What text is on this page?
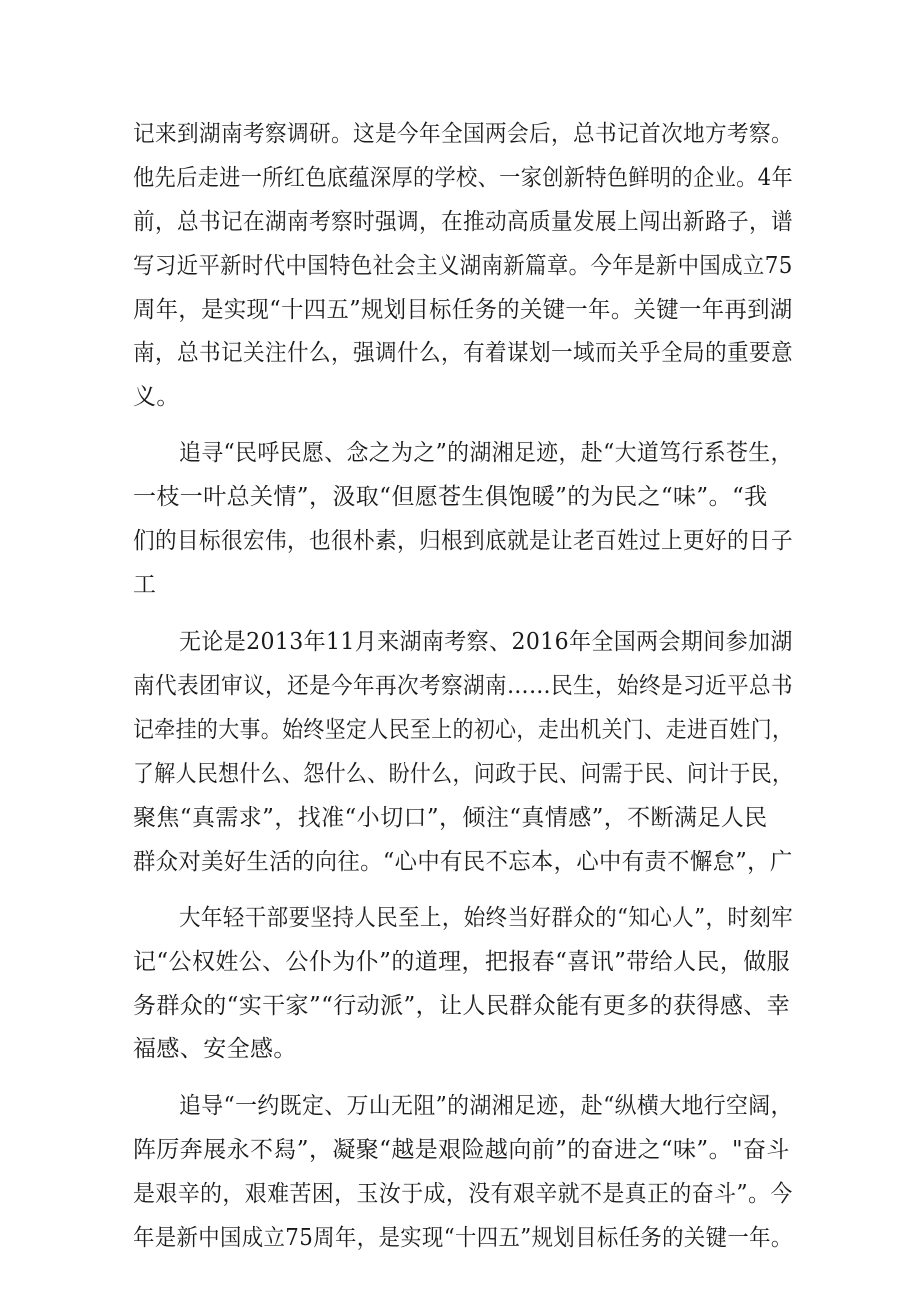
记来到湖南考察调研。这是今年全国两会后，总书记首次地方考察。
他先后走进一所红色底蕴深厚的学校、一家创新特色鲜明的企业。4年
前，总书记在湖南考察时强调，在推动高质量发展上闯出新路子，谱
写习近平新时代中国特色社会主义湖南新篇章。今年是新中国成立75
周年，是实现“十四五”规划目标任务的关键一年。关键一年再到湖
南，总书记关注什么，强调什么，有着谋划一域而关乎全局的重要意
义。
追寻“民呼民愿、念之为之”的湖湘足迹，赴“大道笃行系苍生，
一枝一叶总关情”，汲取“但愿苍生俱饱暖”的为民之“味”。“我
们的目标很宏伟，也很朴素，归根到底就是让老百姓过上更好的日子
工
无论是2013年11月来湖南考察、2016年全国两会期间参加湖
南代表团审议，还是今年再次考察湖南……民生，始终是习近平总书
记牵挂的大事。始终坚定人民至上的初心，走出机关门、走进百姓门，
了解人民想什么、怨什么、盼什么，问政于民、问需于民、问计于民，
聚焦“真需求”，找准“小切口”，倾注“真情感”，不断满足人民
群众对美好生活的向往。“心中有民不忘本，心中有责不懈怠”，广
大年轻干部要坚持人民至上，始终当好群众的“知心人”，时刻牢
记“公权姓公、公仆为仆”的道理，把报春“喜讯”带给人民，做服
务群众的“实干家”“行动派”，让人民群众能有更多的获得感、幸
福感、安全感。
追导“一约既定、万山无阻”的湖湘足迹，赴“纵横大地行空阔，
阵厉奔展永不舄”，凝聚“越是艰险越向前”的奋进之“味”。"奋斗
是艰辛的，艰难苦困，玉汝于成，没有艰辛就不是真正的奋斗”。今
年是新中国成立75周年，是实现“十四五”规划目标任务的关键一年。
